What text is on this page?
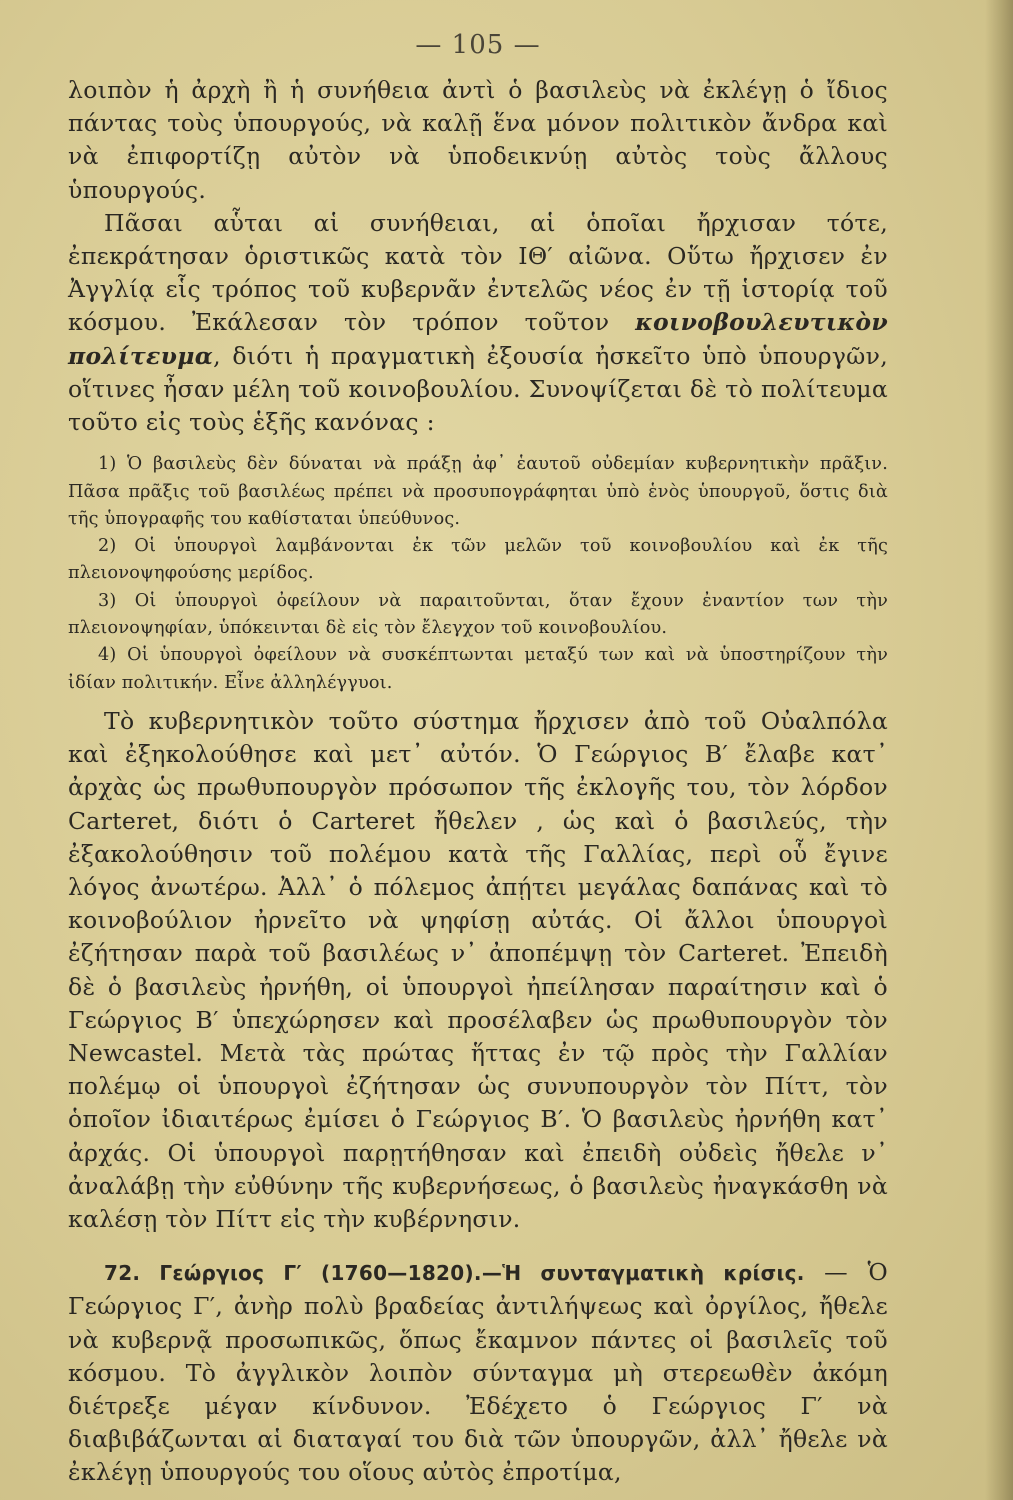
— 105 —

λοιπὸν ἡ ἀρχὴ ἢ ἡ συνήθεια ἀντὶ ὁ βασιλεὺς νὰ ἐκλέγῃ ὁ ἴδιος πάντας τοὺς ὑπουργούς, νὰ καλῇ ἕνα μόνον πολιτικὸν ἄνδρα καὶ νὰ ἐπιφορτίζῃ αὐτὸν νὰ ὑποδεικνύῃ αὐτὸς τοὺς ἄλλους ὑπουργούς.

Πᾶσαι αὗται αἱ συνήθειαι, αἱ ὁποῖαι ἤρχισαν τότε, ἐπεκράτησαν ὁριστικῶς κατὰ τὸν ΙΘ′ αἰῶνα. Οὕτω ἤρχισεν ἐν Ἀγγλίᾳ εἷς τρόπος τοῦ κυβερνᾶν ἐντελῶς νέος ἐν τῇ ἱστορίᾳ τοῦ κόσμου. Ἐκάλεσαν τὸν τρόπον τοῦτον κοινοβουλευτικὸν πολίτευμα, διότι ἡ πραγματικὴ ἐξουσία ἠσκεῖτο ὑπὸ ὑπουργῶν, οἵτινες ἦσαν μέλη τοῦ κοινοβουλίου. Συνοψίζεται δὲ τὸ πολίτευμα τοῦτο εἰς τοὺς ἑξῆς κανόνας :

1) Ὁ βασιλεὺς δὲν δύναται νὰ πράξῃ ἀφ᾽ ἑαυτοῦ οὐδεμίαν κυβερνητικὴν πρᾶξιν. Πᾶσα πρᾶξις τοῦ βασιλέως πρέπει νὰ προσυπογράφηται ὑπὸ ἑνὸς ὑπουργοῦ, ὅστις διὰ τῆς ὑπογραφῆς του καθίσταται ὑπεύθυνος.

2) Οἱ ὑπουργοὶ λαμβάνονται ἐκ τῶν μελῶν τοῦ κοινοβουλίου καὶ ἐκ τῆς πλειονοψηφούσης μερίδος.

3) Οἱ ὑπουργοὶ ὀφείλουν νὰ παραιτοῦνται, ὅταν ἔχουν ἐναντίον των τὴν πλειονοψηφίαν, ὑπόκεινται δὲ εἰς τὸν ἔλεγχον τοῦ κοινοβουλίου.

4) Οἱ ὑπουργοὶ ὀφείλουν νὰ συσκέπτωνται μεταξύ των καὶ νὰ ὑποστηρίζουν τὴν ἰδίαν πολιτικήν. Εἶνε ἀλληλέγγυοι.

Τὸ κυβερνητικὸν τοῦτο σύστημα ἤρχισεν ἀπὸ τοῦ Οὐαλπόλα καὶ ἐξηκολούθησε καὶ μετ᾽ αὐτόν. Ὁ Γεώργιος Β′ ἔλαβε κατ᾽ ἀρχὰς ὡς πρωθυπουργὸν πρόσωπον τῆς ἐκλογῆς του, τὸν λόρδον Carteret, διότι ὁ Carteret ἤθελεν , ὡς καὶ ὁ βασιλεύς, τὴν ἐξακολούθησιν τοῦ πολέμου κατὰ τῆς Γαλλίας, περὶ οὗ ἔγινε λόγος ἀνωτέρω. Ἀλλ᾽ ὁ πόλεμος ἀπῄτει μεγάλας δαπάνας καὶ τὸ κοινοβούλιον ἠρνεῖτο νὰ ψηφίσῃ αὐτάς. Οἱ ἄλλοι ὑπουργοὶ ἐζήτησαν παρὰ τοῦ βασιλέως ν᾽ ἀποπέμψῃ τὸν Carteret. Ἐπειδὴ δὲ ὁ βασιλεὺς ἠρνήθη, οἱ ὑπουργοὶ ἠπείλησαν παραίτησιν καὶ ὁ Γεώργιος Β′ ὑπεχώρησεν καὶ προσέλαβεν ὡς πρωθυπουργὸν τὸν Newcastel. Μετὰ τὰς πρώτας ἥττας ἐν τῷ πρὸς τὴν Γαλλίαν πολέμῳ οἱ ὑπουργοὶ ἐζήτησαν ὡς συνυπουργὸν τὸν Πίττ, τὸν ὁποῖον ἰδιαιτέρως ἐμίσει ὁ Γεώργιος Β′. Ὁ βασιλεὺς ἠρνήθη κατ᾽ ἀρχάς. Οἱ ὑπουργοὶ παρῃτήθησαν καὶ ἐπειδὴ οὐδεὶς ἤθελε ν᾽ ἀναλάβῃ τὴν εὐθύνην τῆς κυβερνήσεως, ὁ βασιλεὺς ἠναγκάσθη νὰ καλέσῃ τὸν Πίττ εἰς τὴν κυβέρνησιν.

72. Γεώργιος Γ′ (1760—1820).—Ἡ συνταγματικὴ κρίσις. — Ὁ Γεώργιος Γ′, ἀνὴρ πολὺ βραδείας ἀντιλήψεως καὶ ὀργίλος, ἤθελε νὰ κυβερνᾷ προσωπικῶς, ὅπως ἔκαμνον πάντες οἱ βασιλεῖς τοῦ κόσμου. Τὸ ἀγγλικὸν λοιπὸν σύνταγμα μὴ στερεωθὲν ἀκόμη διέτρεξε μέγαν κίνδυνον. Ἐδέχετο ὁ Γεώργιος Γ′ νὰ διαβιβάζωνται αἱ διαταγαί του διὰ τῶν ὑπουργῶν, ἀλλ᾽ ἤθελε νὰ ἐκλέγῃ ὑπουργούς του οἵους αὐτὸς ἐπροτίμα,
